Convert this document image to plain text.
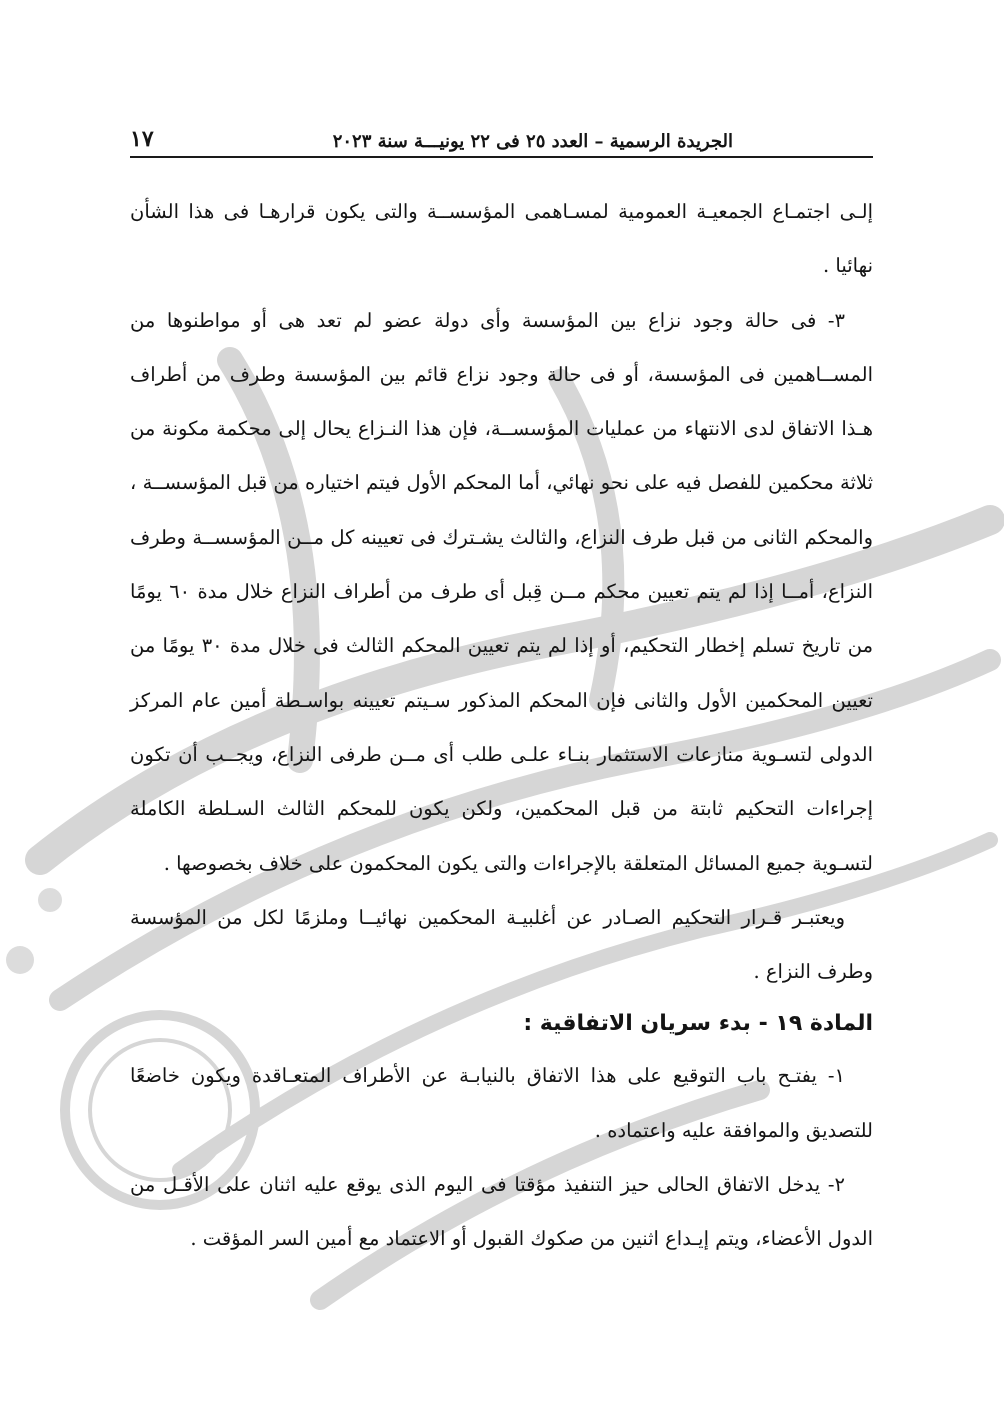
الجريدة الرسمية – العدد ٢٥ فى ٢٢ يونيـــة سنة ٢٠٢٣
١٧

إلـى اجتمـاع الجمعيـة العمومية لمسـاهمى المؤسســة والتى يكون قرارهـا فى هذا الشأن نهائيا .

٣- فى حالة وجود نزاع بين المؤسسة وأى دولة عضو لم تعد هى أو مواطنوها من المســاهمين فى المؤسسة، أو فى حالة وجود نزاع قائم بين المؤسسة وطرف من أطراف هـذا الاتفاق لدى الانتهاء من عمليات المؤسســة، فإن هذا النـزاع يحال إلى محكمة مكونة من ثلاثة محكمين للفصل فيه على نحو نهائي، أما المحكم الأول فيتم اختياره من قبل المؤسســة ، والمحكم الثانى من قبل طرف النزاع، والثالث يشـترك فى تعيينه كل مــن المؤسســة وطرف النزاع، أمــا إذا لم يتم تعيين محكم مــن قِبل أى طرف من أطراف النزاع خلال مدة ٦٠ يومًا من تاريخ تسلم إخطار التحكيم، أو إذا لم يتم تعيين المحكم الثالث فى خلال مدة ٣٠ يومًا من تعيين المحكمين الأول والثانى فإن المحكم المذكور سـيتم تعيينه بواسـطة أمين عام المركز الدولى لتسـوية منازعات الاستثمار بنـاء علـى طلب أى مــن طرفى النزاع، ويجــب أن تكون إجراءات التحكيم ثابتة من قبل المحكمين، ولكن يكون للمحكم الثالث السـلطة الكاملة لتسـوية جميع المسائل المتعلقة بالإجراءات والتى يكون المحكمون على خلاف بخصوصها .

ويعتبـر قـرار التحكيم الصـادر عن أغلبيـة المحكمين نهائيــا وملزمًا لكل من المؤسسة وطرف النزاع .

المادة ١٩ - بدء سريان الاتفاقية :

١- يفتـح باب التوقيع على هذا الاتفاق بالنيابـة عن الأطراف المتعـاقدة ويكون خاضعًا للتصديق والموافقة عليه واعتماده .

٢- يدخل الاتفاق الحالى حيز التنفيذ مؤقتا فى اليوم الذى يوقع عليه اثنان على الأقـل من الدول الأعضاء، ويتم إيـداع اثنين من صكوك القبول أو الاعتماد مع أمين السر المؤقت .
